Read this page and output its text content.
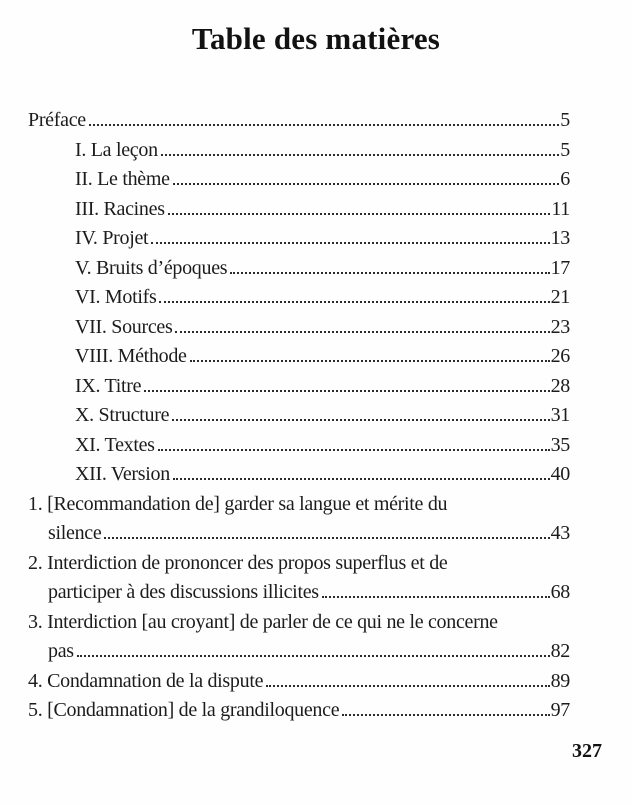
Table des matières
Préface	5
I. La leçon	5
II. Le thème	6
III. Racines	11
IV. Projet	13
V. Bruits d’époques	17
VI. Motifs	21
VII. Sources	23
VIII. Méthode	26
IX. Titre	28
X. Structure	31
XI. Textes	35
XII. Version	40
1. [Recommandation de] garder sa langue et mérite du
silence	43
2. Interdiction de prononcer des propos superflus et de
participer à des discussions illicites	68
3. Interdiction [au croyant] de parler de ce qui ne le concerne
pas	82
4. Condamnation de la dispute	89
5. [Condamnation] de la grandiloquence	97
327
